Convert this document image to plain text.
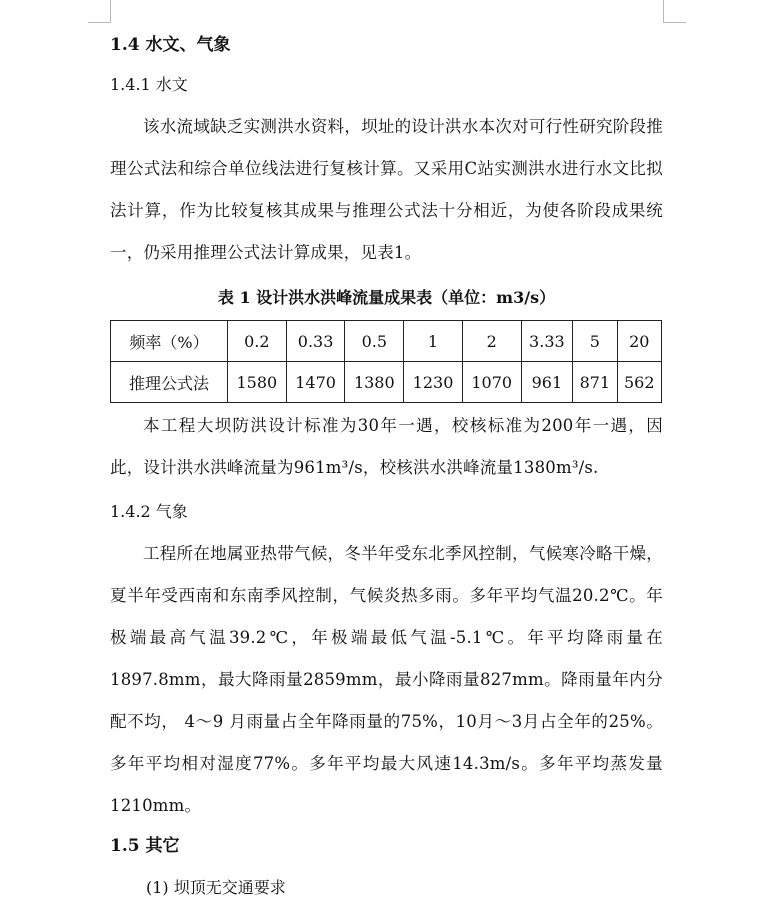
1.4 水文、气象

1.4.1 水文

该水流域缺乏实测洪水资料，坝址的设计洪水本次对可行性研究阶段推理公式法和综合单位线法进行复核计算。又采用C站实测洪水进行水文比拟法计算，作为比较复核其成果与推理公式法十分相近，为使各阶段成果统一，仍采用推理公式法计算成果，见表1。

表 1 设计洪水洪峰流量成果表（单位：m3/s）
频率（%）	0.2	0.33	0.5	1	2	3.33	5	20
推理公式法	1580	1470	1380	1230	1070	961	871	562

本工程大坝防洪设计标准为30年一遇，校核标准为200年一遇，因此，设计洪水洪峰流量为961m³/s，校核洪水洪峰流量1380m³/s.

1.4.2 气象

工程所在地属亚热带气候，冬半年受东北季风控制，气候寒冷略干燥，夏半年受西南和东南季风控制，气候炎热多雨。多年平均气温20.2℃。年极端最高气温39.2℃，年极端最低气温-5.1℃。年平均降雨量在1897.8mm，最大降雨量2859mm，最小降雨量827mm。降雨量年内分配不均， 4～9 月雨量占全年降雨量的75%，10月～3月占全年的25%。多年平均相对湿度77%。多年平均最大风速14.3m/s。多年平均蒸发量1210mm。

1.5 其它

(1) 坝顶无交通要求
